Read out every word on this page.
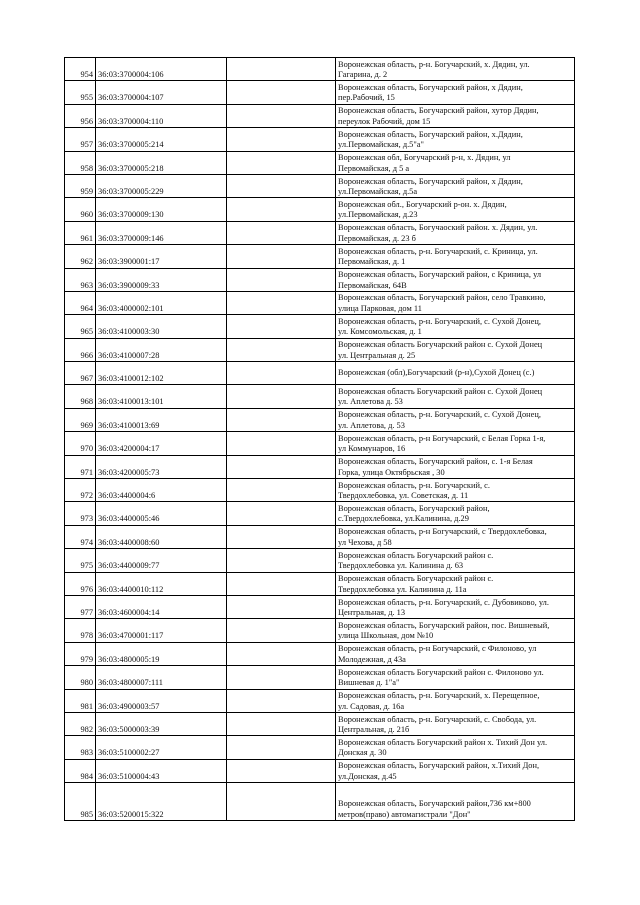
954	36:03:3700004:106		Воронежская область, р-н. Богучарский, х. Дядин, ул.
Гагарина, д. 2

955	36:03:3700004:107		Воронежская область, Богучарский район, х Дядин,
пер.Рабочий, 15

956	36:03:3700004:110		Воронежская область, Богучарский район, хутор Дядин,
переулок Рабочий, дом 15

957	36:03:3700005:214		Воронежская область, Богучарский район, х.Дядин,
ул.Первомайская, д.5"а"

958	36:03:3700005:218		Воронежская обл, Богучарский р-н, х. Дядин, ул
Первомайская, д 5 а

959	36:03:3700005:229		Воронежская область, Богучарский район, х Дядин,
ул.Первомайская, д.5а

960	36:03:3700009:130		Воронежская обл., Богучарский р-он. х. Дядин,
ул.Первомайская, д.23

961	36:03:3700009:146		Воронежская область, Богучаоский район. х. Дядин, ул.
Первомайская, д. 23 б

962	36:03:3900001:17		Воронежская область, р-н. Богучарский, с. Криница, ул.
Первомайская, д. 1

963	36:03:3900009:33		Воронежская область, Богучарский район, с Криница, ул
Первомайская, 64В

964	36:03:4000002:101		Воронежская область, Богучарский район, село Травкино,
улица Парковая, дом 11

965	36:03:4100003:30		Воронежская область, р-н. Богучарский, с. Сухой Донец,
ул. Комсомольская, д. 1

966	36:03:4100007:28		Воронежская область Богучарский район с. Сухой Донец
ул. Центральная д. 25

967	36:03:4100012:102		Воронежская (обл),Богучарский (р-н),Сухой Донец (с.)

968	36:03:4100013:101		Воронежская область Богучарский район с. Сухой Донец
ул. Аплетова д. 53

969	36:03:4100013:69		Воронежская область, р-н. Богучарский, с. Сухой Донец,
ул. Аплетова, д. 53

970	36:03:4200004:17		Воронежская область, р-н Богучарский, с Белая Горка 1-я,
ул Коммунаров, 16

971	36:03:4200005:73		Воронежская область, Богучарский район, с. 1-я Белая
Горка, улица Октябрьская , 30

972	36:03:4400004:6		Воронежская область, р-н. Богучарский, с.
Твердохлебовка, ул. Советская, д. 11

973	36:03:4400005:46		Воронежская область, Богучарский район,
с.Твердохлебовка, ул.Калинина, д.29

974	36:03:4400008:60		Воронежская область, р-н Богучарский, с Твердохлебовка,
ул Чехова, д 58

975	36:03:4400009:77		Воронежская область Богучарский район с.
Твердохлебовка ул. Калинина д. 63

976	36:03:4400010:112		Воронежская область Богучарский район с.
Твердохлебовка ул. Калинина д. 11а

977	36:03:4600004:14		Воронежская область, р-н. Богучарский, с. Дубовиково, ул.
Центральная, д. 13

978	36:03:4700001:117		Воронежская область, Богучарский район, пос. Вишневый,
улица Школьная, дом №10

979	36:03:4800005:19		Воронежская область, р-н Богучарский, с Филоново, ул
Молодежная, д 43а

980	36:03:4800007:111		Воронежская область Богучарский район с. Филоново ул.
Вишневая д. 1"а"

981	36:03:4900003:57		Воронежская область, р-н. Богучарский, х. Перещепное,
ул. Садовая, д. 16а

982	36:03:5000003:39		Воронежская область, р-н. Богучарский, с. Свобода, ул.
Центральная, д. 21б

983	36:03:5100002:27		Воронежская область Богучарский район х. Тихий Дон ул.
Донская д. 30

984	36:03:5100004:43		Воронежская область, Богучарский район, х.Тихий Дон,
ул.Донская, д.45

985	36:03:5200015:322		Воронежская область, Богучарский район,736 км+800
метров(право) автомагистрали "Дон"
